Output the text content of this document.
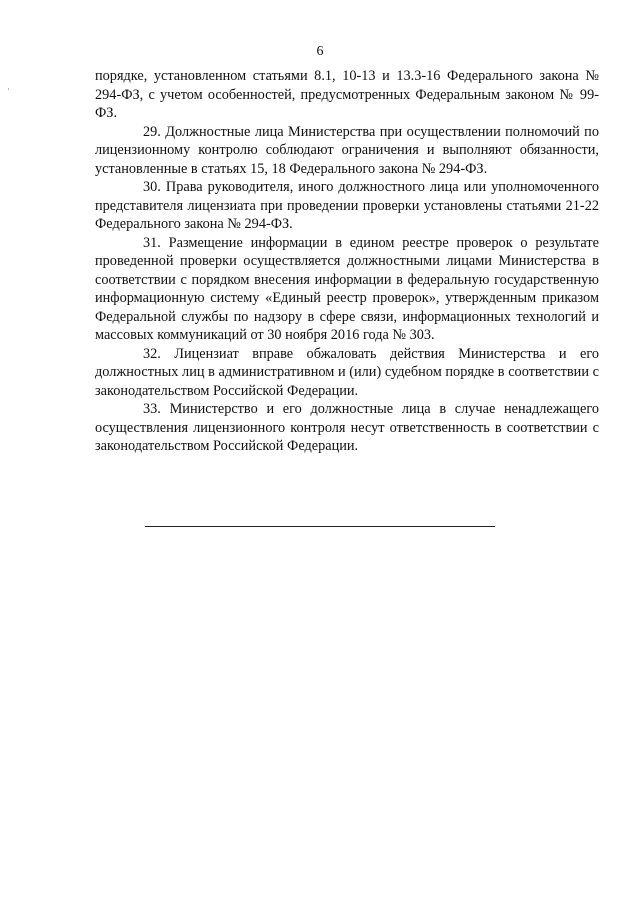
6

порядке, установленном статьями 8.1, 10-13 и 13.3-16 Федерального закона № 294-ФЗ, с учетом особенностей, предусмотренных Федеральным законом № 99-ФЗ.

29. Должностные лица Министерства при осуществлении полномочий по лицензионному контролю соблюдают ограничения и выполняют обязанности, установленные в статьях 15, 18 Федерального закона № 294-ФЗ.

30. Права руководителя, иного должностного лица или уполномоченного представителя лицензиата при проведении проверки установлены статьями 21-22 Федерального закона № 294-ФЗ.

31. Размещение информации в едином реестре проверок о результате проведенной проверки осуществляется должностными лицами Министерства в соответствии с порядком внесения информации в федеральную государственную информационную систему «Единый реестр проверок», утвержденным приказом Федеральной службы по надзору в сфере связи, информационных технологий и массовых коммуникаций от 30 ноября 2016 года № 303.

32. Лицензиат вправе обжаловать действия Министерства и его должностных лиц в административном и (или) судебном порядке в соответствии с законодательством Российской Федерации.

33. Министерство и его должностные лица в случае ненадлежащего осуществления лицензионного контроля несут ответственность в соответствии с законодательством Российской Федерации.
